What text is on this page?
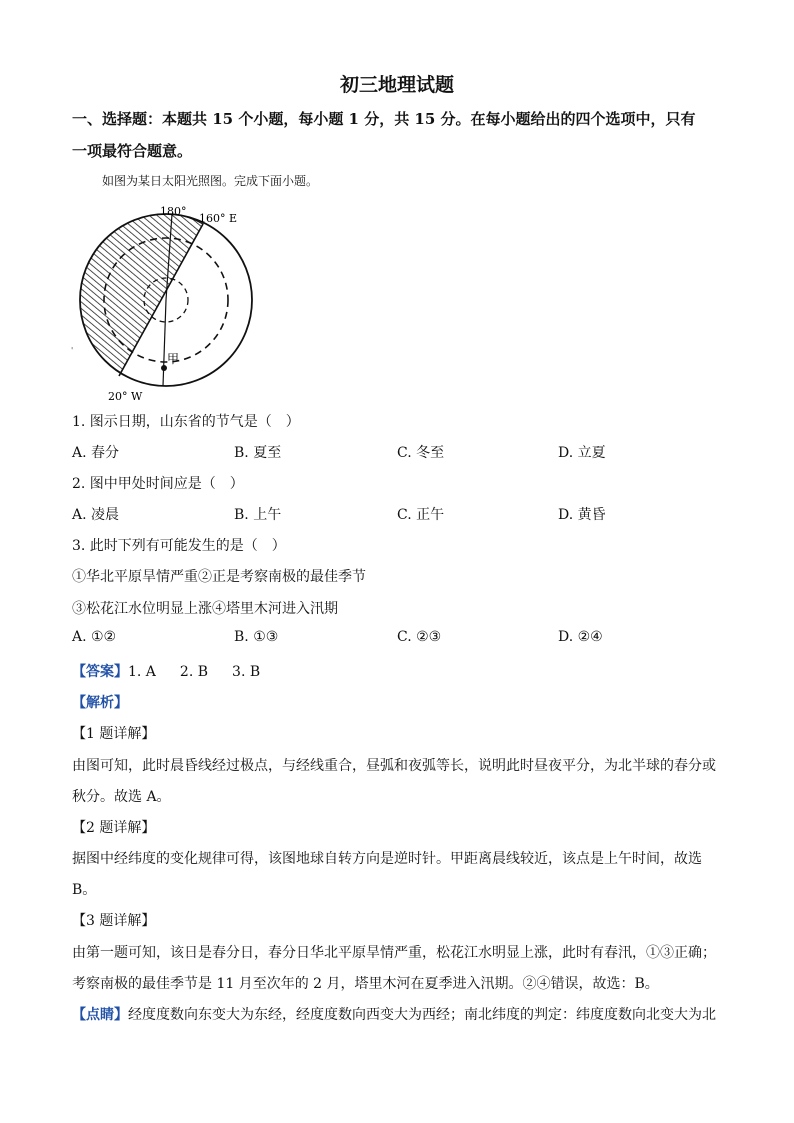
初三地理试题
一、选择题：本题共 15 个小题，每小题 1 分，共 15 分。在每小题给出的四个选项中，只有
一项最符合题意。
如图为某日太阳光照图。完成下面小题。
180°
160° E
20° W
甲
'
1. 图示日期，山东省的节气是（　）
A. 春分	B. 夏至	C. 冬至	D. 立夏
2. 图中甲处时间应是（　）
A. 凌晨	B. 上午	C. 正午	D. 黄昏
3. 此时下列有可能发生的是（　）
①华北平原旱情严重②正是考察南极的最佳季节
③松花江水位明显上涨④塔里木河进入汛期
A. ①②	B. ①③	C. ②③	D. ②④
【答案】1. A 2. B 3. B
【解析】
【1 题详解】
由图可知，此时晨昏线经过极点，与经线重合，昼弧和夜弧等长，说明此时昼夜平分，为北半球的春分或
秋分。故选 A。
【2 题详解】
据图中经纬度的变化规律可得，该图地球自转方向是逆时针。甲距离晨线较近，该点是上午时间，故选
B。
【3 题详解】
由第一题可知，该日是春分日，春分日华北平原旱情严重，松花江水明显上涨，此时有春汛，①③正确；
考察南极的最佳季节是 11 月至次年的 2 月，塔里木河在夏季进入汛期。②④错误，故选：B。
【点睛】经度度数向东变大为东经，经度度数向西变大为西经；南北纬度的判定：纬度度数向北变大为北
